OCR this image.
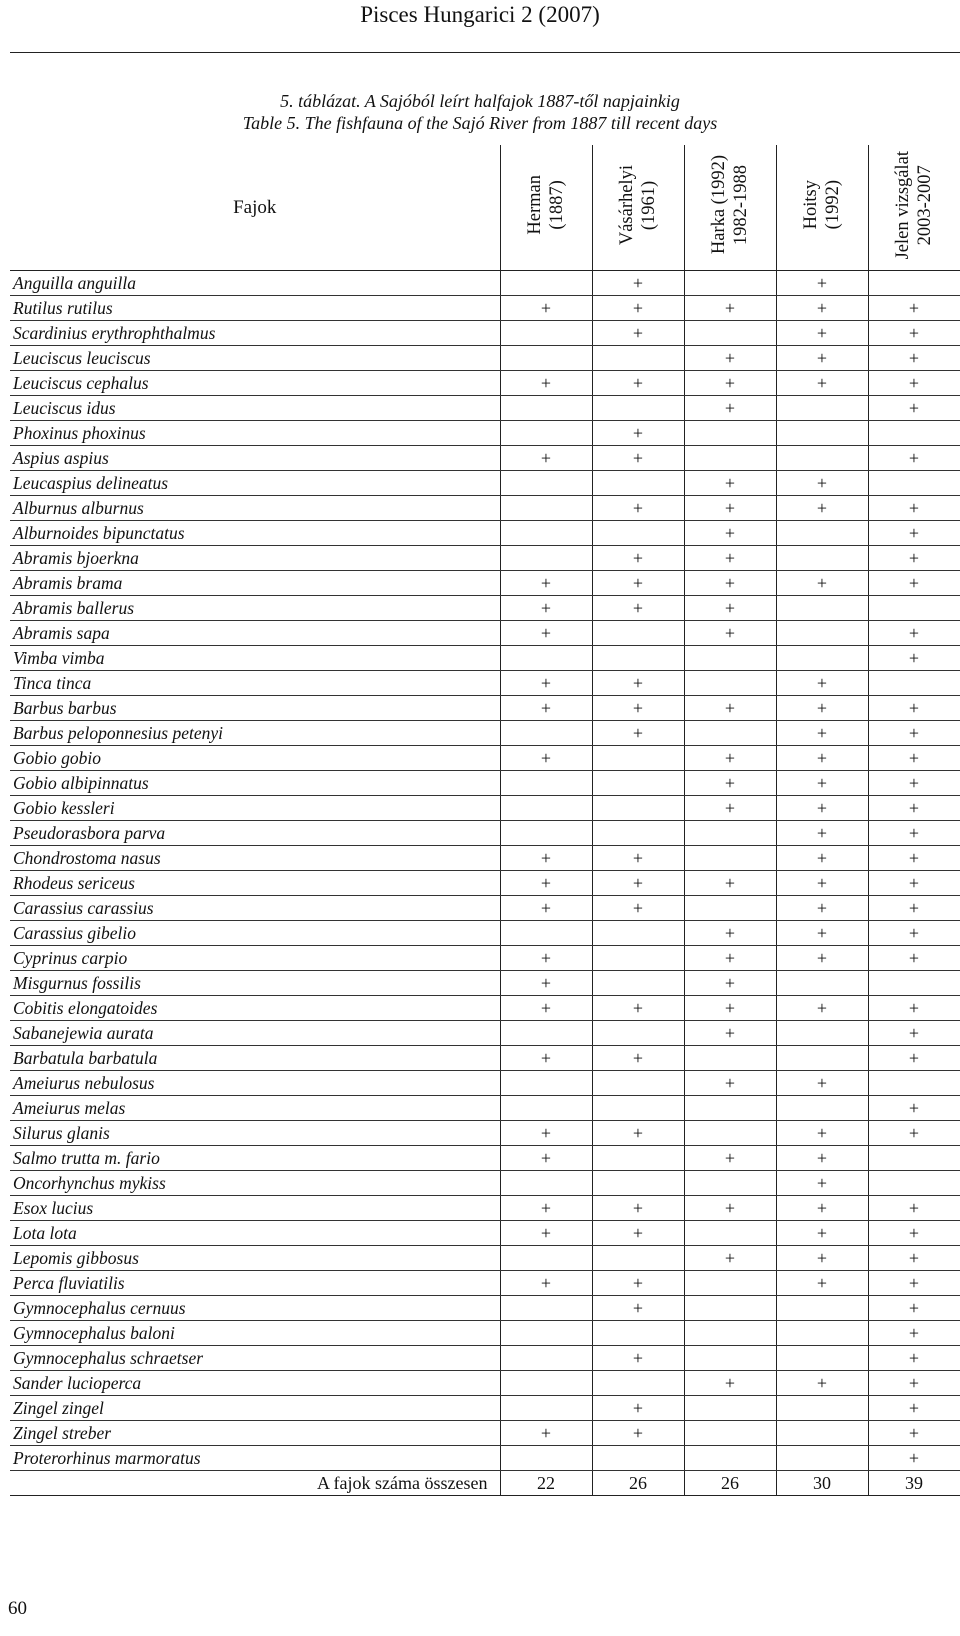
Pisces Hungarici 2 (2007)
5. táblázat. A Sajóból leírt halfajok 1887-től napjainkig
Table 5. The fishfauna of the Sajó River from 1887 till recent days
Fajok	Herman (1887)	Vásárhelyi (1961)	Harka (1992) 1982-1988	Hoitsy (1992)	Jelen vizsgálat 2003-2007

Anguilla anguilla		+		+	
Rutilus rutilus	+	+	+	+	+
Scardinius erythrophthalmus		+		+	+
Leuciscus leuciscus			+	+	+
Leuciscus cephalus	+	+	+	+	+
Leuciscus idus			+		+
Phoxinus phoxinus		+			
Aspius aspius	+	+			+
Leucaspius delineatus			+	+	
Alburnus alburnus		+	+	+	+
Alburnoides bipunctatus			+		+
Abramis bjoerkna		+	+		+
Abramis brama	+	+	+	+	+
Abramis ballerus	+	+	+		
Abramis sapa	+		+		+
Vimba vimba					+
Tinca tinca	+	+		+	
Barbus barbus	+	+	+	+	+
Barbus peloponnesius petenyi		+		+	+
Gobio gobio	+		+	+	+
Gobio albipinnatus			+	+	+
Gobio kessleri			+	+	+
Pseudorasbora parva				+	+
Chondrostoma nasus	+	+		+	+
Rhodeus sericeus	+	+	+	+	+
Carassius carassius	+	+		+	+
Carassius gibelio			+	+	+
Cyprinus carpio	+		+	+	+
Misgurnus fossilis	+		+		
Cobitis elongatoides	+	+	+	+	+
Sabanejewia aurata			+		+
Barbatula barbatula	+	+			+
Ameiurus nebulosus			+	+	
Ameiurus melas					+
Silurus glanis	+	+		+	+
Salmo trutta m. fario	+		+	+	
Oncorhynchus mykiss				+	
Esox lucius	+	+	+	+	+
Lota lota	+	+		+	+
Lepomis gibbosus			+	+	+
Perca fluviatilis	+	+		+	+
Gymnocephalus cernuus		+			+
Gymnocephalus baloni					+
Gymnocephalus schraetser		+			+
Sander lucioperca			+	+	+
Zingel zingel		+			+
Zingel streber	+	+			+
Proterorhinus marmoratus					+
A fajok száma összesen	22	26	26	30	39
60
